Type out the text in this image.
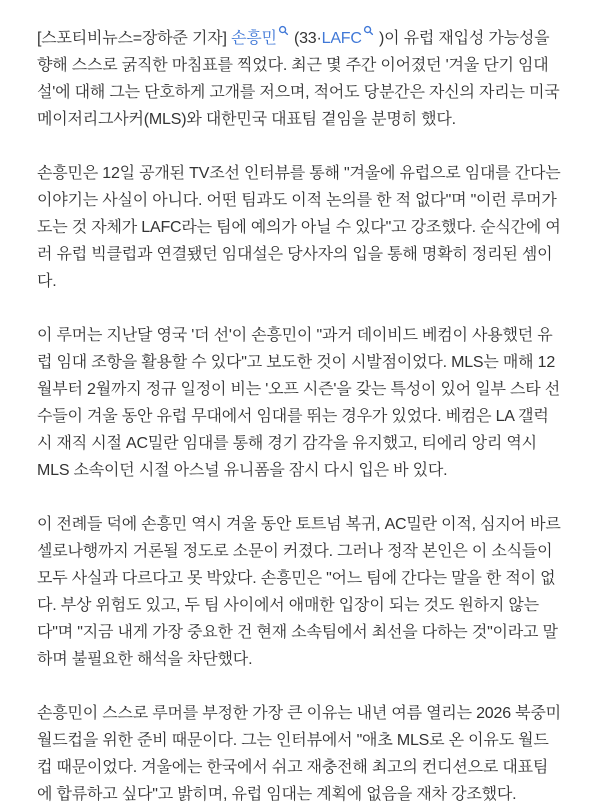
[스포티비뉴스=장하준 기자] 손흥민
(33·LAFC
)이 유럽 재입성 가능성을 향해 스스로 굵직한 마침표를 찍었다. 최근 몇 주간 이어졌던 '겨울 단기 임대설'에 대해 그는 단호하게 고개를 저으며, 적어도 당분간은 자신의 자리는 미국 메이저리그사커(MLS)와 대한민국 대표팀 곁임을 분명히 했다.

손흥민은 12일 공개된 TV조선 인터뷰를 통해 "겨울에 유럽으로 임대를 간다는 이야기는 사실이 아니다. 어떤 팀과도 이적 논의를 한 적 없다"며 "이런 루머가 도는 것 자체가 LAFC라는 팀에 예의가 아닐 수 있다"고 강조했다. 순식간에 여러 유럽 빅클럽과 연결됐던 임대설은 당사자의 입을 통해 명확히 정리된 셈이다.

이 루머는 지난달 영국 '더 선'이 손흥민이 "과거 데이비드 베컴이 사용했던 유럽 임대 조항을 활용할 수 있다"고 보도한 것이 시발점이었다. MLS는 매해 12월부터 2월까지 정규 일정이 비는 '오프 시즌'을 갖는 특성이 있어 일부 스타 선수들이 겨울 동안 유럽 무대에서 임대를 뛰는 경우가 있었다. 베컴은 LA 갤럭시 재직 시절 AC밀란 임대를 통해 경기 감각을 유지했고, 티에리 앙리 역시 MLS 소속이던 시절 아스널 유니폼을 잠시 다시 입은 바 있다.

이 전례들 덕에 손흥민 역시 겨울 동안 토트넘 복귀, AC밀란 이적, 심지어 바르셀로나행까지 거론될 정도로 소문이 커졌다. 그러나 정작 본인은 이 소식들이 모두 사실과 다르다고 못 박았다. 손흥민은 "어느 팀에 간다는 말을 한 적이 없다. 부상 위험도 있고, 두 팀 사이에서 애매한 입장이 되는 것도 원하지 않는다"며 "지금 내게 가장 중요한 건 현재 소속팀에서 최선을 다하는 것"이라고 말하며 불필요한 해석을 차단했다.

손흥민이 스스로 루머를 부정한 가장 큰 이유는 내년 여름 열리는 2026 북중미 월드컵을 위한 준비 때문이다. 그는 인터뷰에서 "애초 MLS로 온 이유도 월드컵 때문이었다. 겨울에는 한국에서 쉬고 재충전해 최고의 컨디션으로 대표팀에 합류하고 싶다"고 밝히며, 유럽 임대는 계획에 없음을 재차 강조했다.
